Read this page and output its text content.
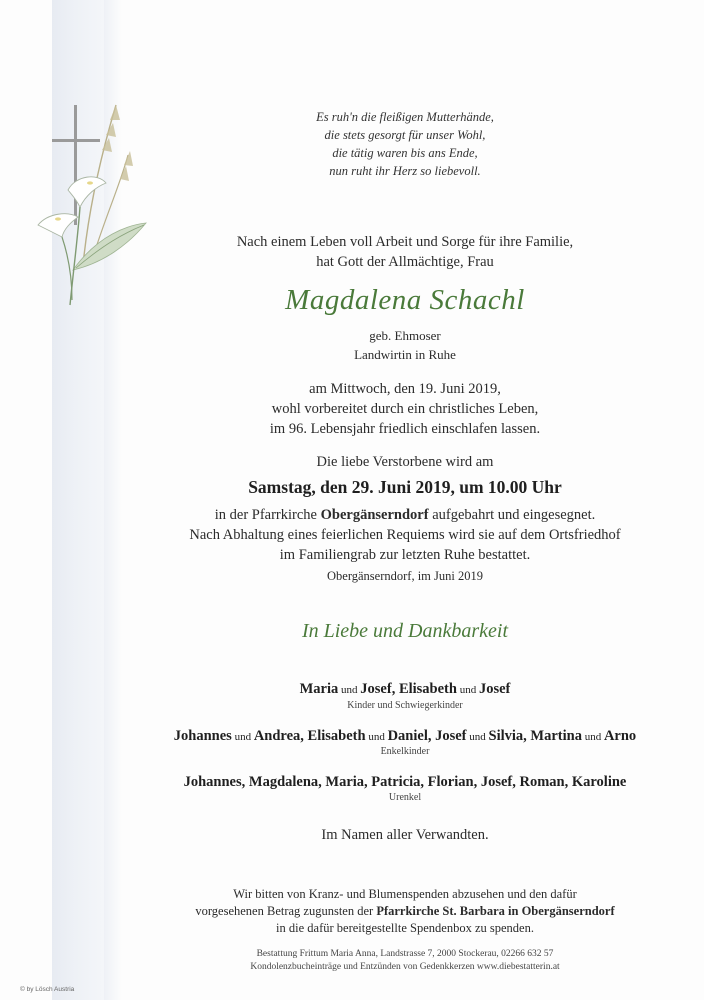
Es ruh'n die fleißigen Mutterhände,
die stets gesorgt für unser Wohl,
die tätig waren bis ans Ende,
nun ruht ihr Herz so liebevoll.
Nach einem Leben voll Arbeit und Sorge für ihre Familie,
hat Gott der Allmächtige, Frau
Magdalena Schachl
geb. Ehmoser
Landwirtin in Ruhe
am Mittwoch, den 19. Juni 2019,
wohl vorbereitet durch ein christliches Leben,
im 96. Lebensjahr friedlich einschlafen lassen.
Die liebe Verstorbene wird am
Samstag, den 29. Juni 2019, um 10.00 Uhr
in der Pfarrkirche Obergänserndorf aufgebahrt und eingesegnet.
Nach Abhaltung eines feierlichen Requiems wird sie auf dem Ortsfriedhof
im Familiengrab zur letzten Ruhe bestattet.
Obergänserndorf, im Juni 2019
In Liebe und Dankbarkeit
Maria und Josef, Elisabeth und Josef
Kinder und Schwiegerkinder
Johannes und Andrea, Elisabeth und Daniel, Josef und Silvia, Martina und Arno
Enkelkinder
Johannes, Magdalena, Maria, Patricia, Florian, Josef, Roman, Karoline
Urenkel
Im Namen aller Verwandten.
Wir bitten von Kranz- und Blumenspenden abzusehen und den dafür
vorgesehenen Betrag zugunsten der Pfarrkirche St. Barbara in Obergänserndorf
in die dafür bereitgestellte Spendenbox zu spenden.
Bestattung Frittum Maria Anna, Landstrasse 7, 2000 Stockerau, 02266 632 57
Kondolenzbucheinträge und Entzünden von Gedenkkerzen www.diebestatterin.at
© by Lösch Austria
